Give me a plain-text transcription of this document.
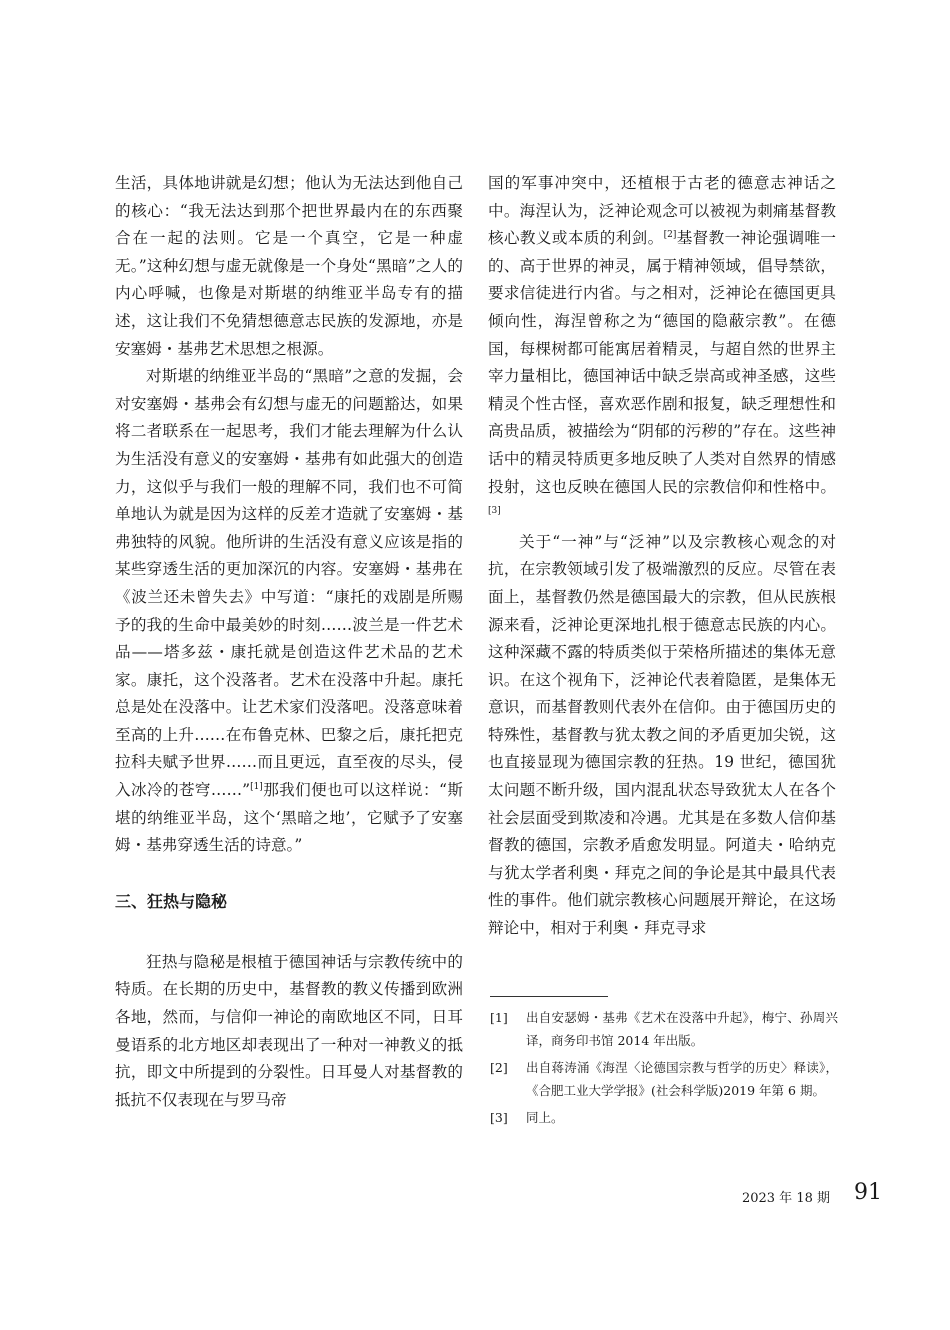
生活，具体地讲就是幻想；他认为无法达到他自己的核心：“我无法达到那个把世界最内在的东西聚合在一起的法则。它是一个真空，它是一种虚无。”这种幻想与虚无就像是一个身处“黑暗”之人的内心呼喊，也像是对斯堪的纳维亚半岛专有的描述，这让我们不免猜想德意志民族的发源地，亦是安塞姆・基弗艺术思想之根源。

对斯堪的纳维亚半岛的“黑暗”之意的发掘，会对安塞姆・基弗会有幻想与虚无的问题豁达，如果将二者联系在一起思考，我们才能去理解为什么认为生活没有意义的安塞姆・基弗有如此强大的创造力，这似乎与我们一般的理解不同，我们也不可简单地认为就是因为这样的反差才造就了安塞姆・基弗独特的风貌。他所讲的生活没有意义应该是指的某些穿透生活的更加深沉的内容。安塞姆・基弗在《波兰还未曾失去》中写道：“康托的戏剧是所赐予的我的生命中最美妙的时刻……波兰是一件艺术品——塔多兹・康托就是创造这件艺术品的艺术家。康托，这个没落者。艺术在没落中升起。康托总是处在没落中。让艺术家们没落吧。没落意味着至高的上升……在布鲁克林、巴黎之后，康托把克拉科夫赋予世界……而且更远，直至夜的尽头，侵入冰冷的苍穹……”[1]那我们便也可以这样说：“斯堪的纳维亚半岛，这个‘黑暗之地’，它赋予了安塞姆・基弗穿透生活的诗意。”

三、狂热与隐秘

狂热与隐秘是根植于德国神话与宗教传统中的特质。在长期的历史中，基督教的教义传播到欧洲各地，然而，与信仰一神论的南欧地区不同，日耳曼语系的北方地区却表现出了一种对一神教义的抵抗，即文中所提到的分裂性。日耳曼人对基督教的抵抗不仅表现在与罗马帝

国的军事冲突中，还植根于古老的德意志神话之中。海涅认为，泛神论观念可以被视为刺痛基督教核心教义或本质的利剑。[2]基督教一神论强调唯一的、高于世界的神灵，属于精神领域，倡导禁欲，要求信徒进行内省。与之相对，泛神论在德国更具倾向性，海涅曾称之为“德国的隐蔽宗教”。在德国，每棵树都可能寓居着精灵，与超自然的世界主宰力量相比，德国神话中缺乏崇高或神圣感，这些精灵个性古怪，喜欢恶作剧和报复，缺乏理想性和高贵品质，被描绘为“阴郁的污秽的”存在。这些神话中的精灵特质更多地反映了人类对自然界的情感投射，这也反映在德国人民的宗教信仰和性格中。[3]

关于“一神”与“泛神”以及宗教核心观念的对抗，在宗教领域引发了极端激烈的反应。尽管在表面上，基督教仍然是德国最大的宗教，但从民族根源来看，泛神论更深地扎根于德意志民族的内心。这种深藏不露的特质类似于荣格所描述的集体无意识。在这个视角下，泛神论代表着隐匿，是集体无意识，而基督教则代表外在信仰。由于德国历史的特殊性，基督教与犹太教之间的矛盾更加尖锐，这也直接显现为德国宗教的狂热。19 世纪，德国犹太问题不断升级，国内混乱状态导致犹太人在各个社会层面受到欺凌和冷遇。尤其是在多数人信仰基督教的德国，宗教矛盾愈发明显。阿道夫・哈纳克与犹太学者利奥・拜克之间的争论是其中最具代表性的事件。他们就宗教核心问题展开辩论，在这场辩论中，相对于利奥・拜克寻求

[1]	出自安瑟姆・基弗《艺术在没落中升起》，梅宁、孙周兴译，商务印书馆 2014 年出版。
[2]	出自蒋涛涌《海涅〈论德国宗教与哲学的历史〉释读》，《合肥工业大学学报》(社会科学版)2019 年第 6 期。
[3]	同上。
2023 年 18 期 91
